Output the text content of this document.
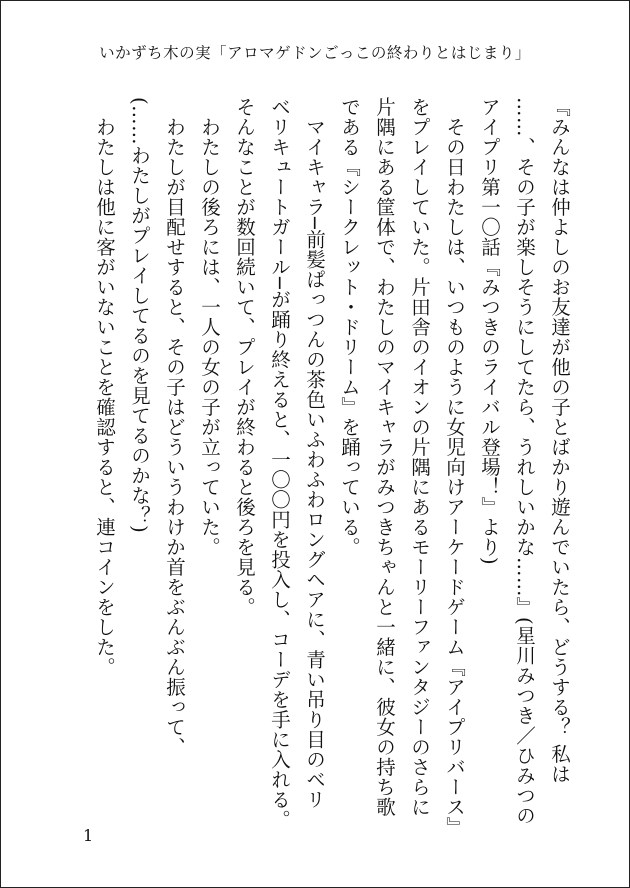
いかずち木の実「アロマゲドンごっこの終わりとはじまり」

『みんなは仲よしのお友達が他の子とばかり遊んでいたら、どうする？ 私は

……、その子が楽しそうにしてたら、うれしいかな……』(星川みつき／ひみつの

アイプリ第一〇話『みつきのライバル登場！』より)

　その日わたしは、いつものように女児向けアーケードゲーム『アイプリバース』

をプレイしていた。片田舎のイオンの片隅にあるモーリーファンタジーのさらに

片隅にある筐体で、わたしのマイキャラがみつきちゃんと一緒に、彼女の持ち歌

である『シークレット・ドリーム』を踊っている。

　マイキャラ─前髪ぱっつんの茶色いふわふわロングヘアに、青い吊り目のベリ

ベリキュートガール─が踊り終えると、一〇〇円を投入し、コーデを手に入れる。

そんなことが数回続いて、プレイが終わると後ろを見る。

　わたしの後ろには、一人の女の子が立っていた。

　わたしが目配せすると、その子はどういうわけか首をぶんぶん振って、

(……わたしがプレイしてるのを見てるのかな？)

　わたしは他に客がいないことを確認すると、連コインをした。

1
